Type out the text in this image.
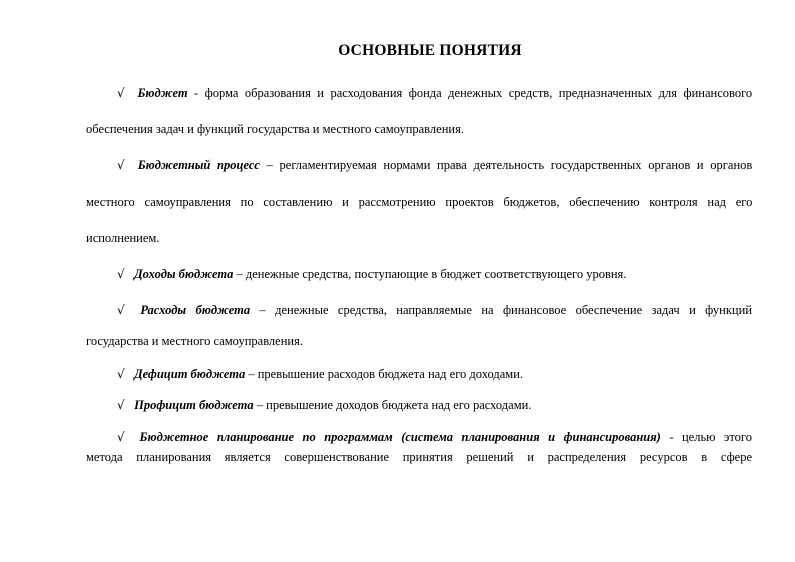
ОСНОВНЫЕ ПОНЯТИЯ
√ Бюджет - форма образования и расходования фонда денежных средств, предназначенных для финансового
обеспечения задач и функций государства и местного самоуправления.
√ Бюджетный процесс – регламентируемая нормами права деятельность государственных органов и органов
местного самоуправления по составлению и рассмотрению проектов бюджетов, обеспечению контроля над его
исполнением.
√ Доходы бюджета – денежные средства, поступающие в бюджет соответствующего уровня.
√ Расходы бюджета – денежные средства, направляемые на финансовое обеспечение задач и функций
государства и местного самоуправления.
√ Дефицит бюджета – превышение расходов бюджета над его доходами.
√ Профицит бюджета – превышение доходов бюджета над его расходами.
√ Бюджетное планирование по программам (система планирования и финансирования) - целью этого
метода планирования является совершенствование принятия решений и распределения ресурсов в сфере
